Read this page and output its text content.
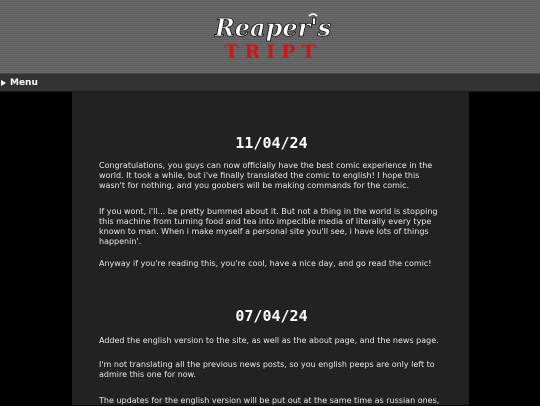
Reaper's
TRIPT
Menu
11/04/24

Congratulations, you guys can now officially have the best comic experience in the world. It took a while, but i've finally translated the comic to english! I hope this wasn't for nothing, and you goobers will be making commands for the comic.

If you wont, i'll... be pretty bummed about it. But not a thing in the world is stopping this machine from turning food and tea into impecible media of literally every type known to man. When i make myself a personal site you'll see, i have lots of things happenin'.

Anyway if you're reading this, you're cool, have a nice day, and go read the comic!

07/04/24

Added the english version to the site, as well as the about page, and the news page.

I'm not translating all the previous news posts, so you english peeps are only left to admire this one for now.

The updates for the english version will be put out at the same time as russian ones,
